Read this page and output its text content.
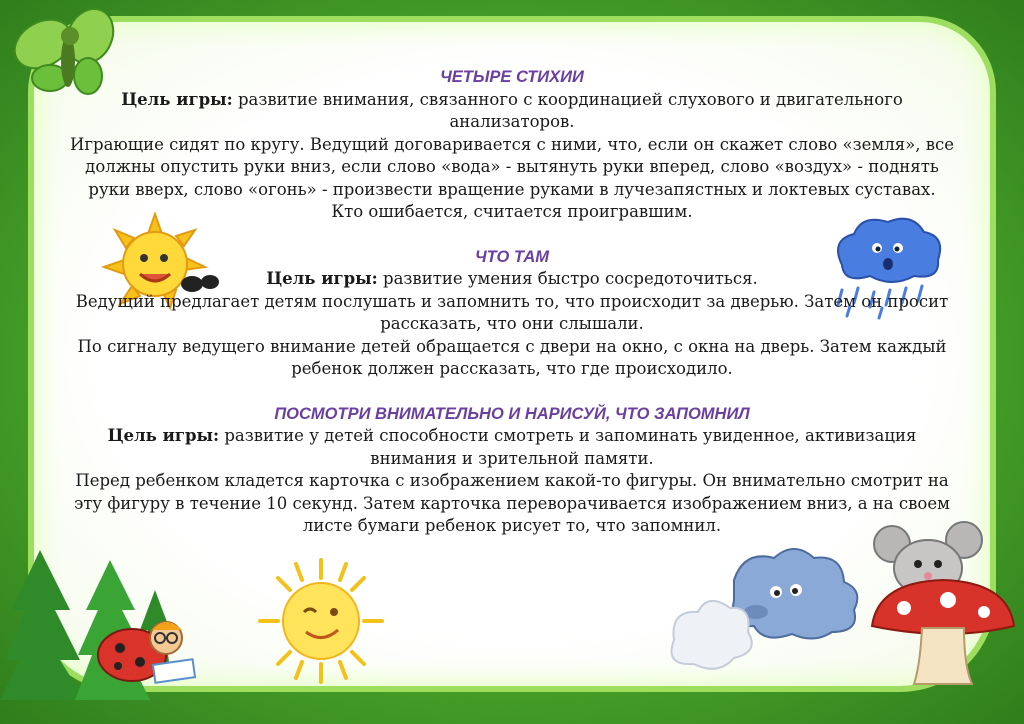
ЧЕТЫРЕ СТИХИИ
Цель игры: развитие внимания, связанного с координацией слухового и двигательного анализаторов.
Играющие сидят по кругу. Ведущий договаривается с ними, что, если он скажет слово «земля», все должны опустить руки вниз, если слово «вода» - вытянуть руки вперед, слово «воздух» - поднять руки вверх, слово «огонь» - произвести вращение руками в лучезапястных и локтевых суставах.
Кто ошибается, считается проигравшим.
ЧТО ТАМ
Цель игры: развитие умения быстро сосредоточиться.
Ведущий предлагает детям послушать и запомнить то, что происходит за дверью. Затем он просит рассказать, что они слышали.
По сигналу ведущего внимание детей обращается с двери на окно, с окна на дверь. Затем каждый ребенок должен рассказать, что где происходило.
ПОСМОТРИ ВНИМАТЕЛЬНО И НАРИСУЙ, ЧТО ЗАПОМНИЛ
Цель игры: развитие у детей способности смотреть и запоминать увиденное, активизация внимания и зрительной памяти.
Перед ребенком кладется карточка с изображением какой-то фигуры. Он внимательно смотрит на эту фигуру в течение 10 секунд. Затем карточка переворачивается изображением вниз, а на своем листе бумаги ребенок рисует то, что запомнил.
